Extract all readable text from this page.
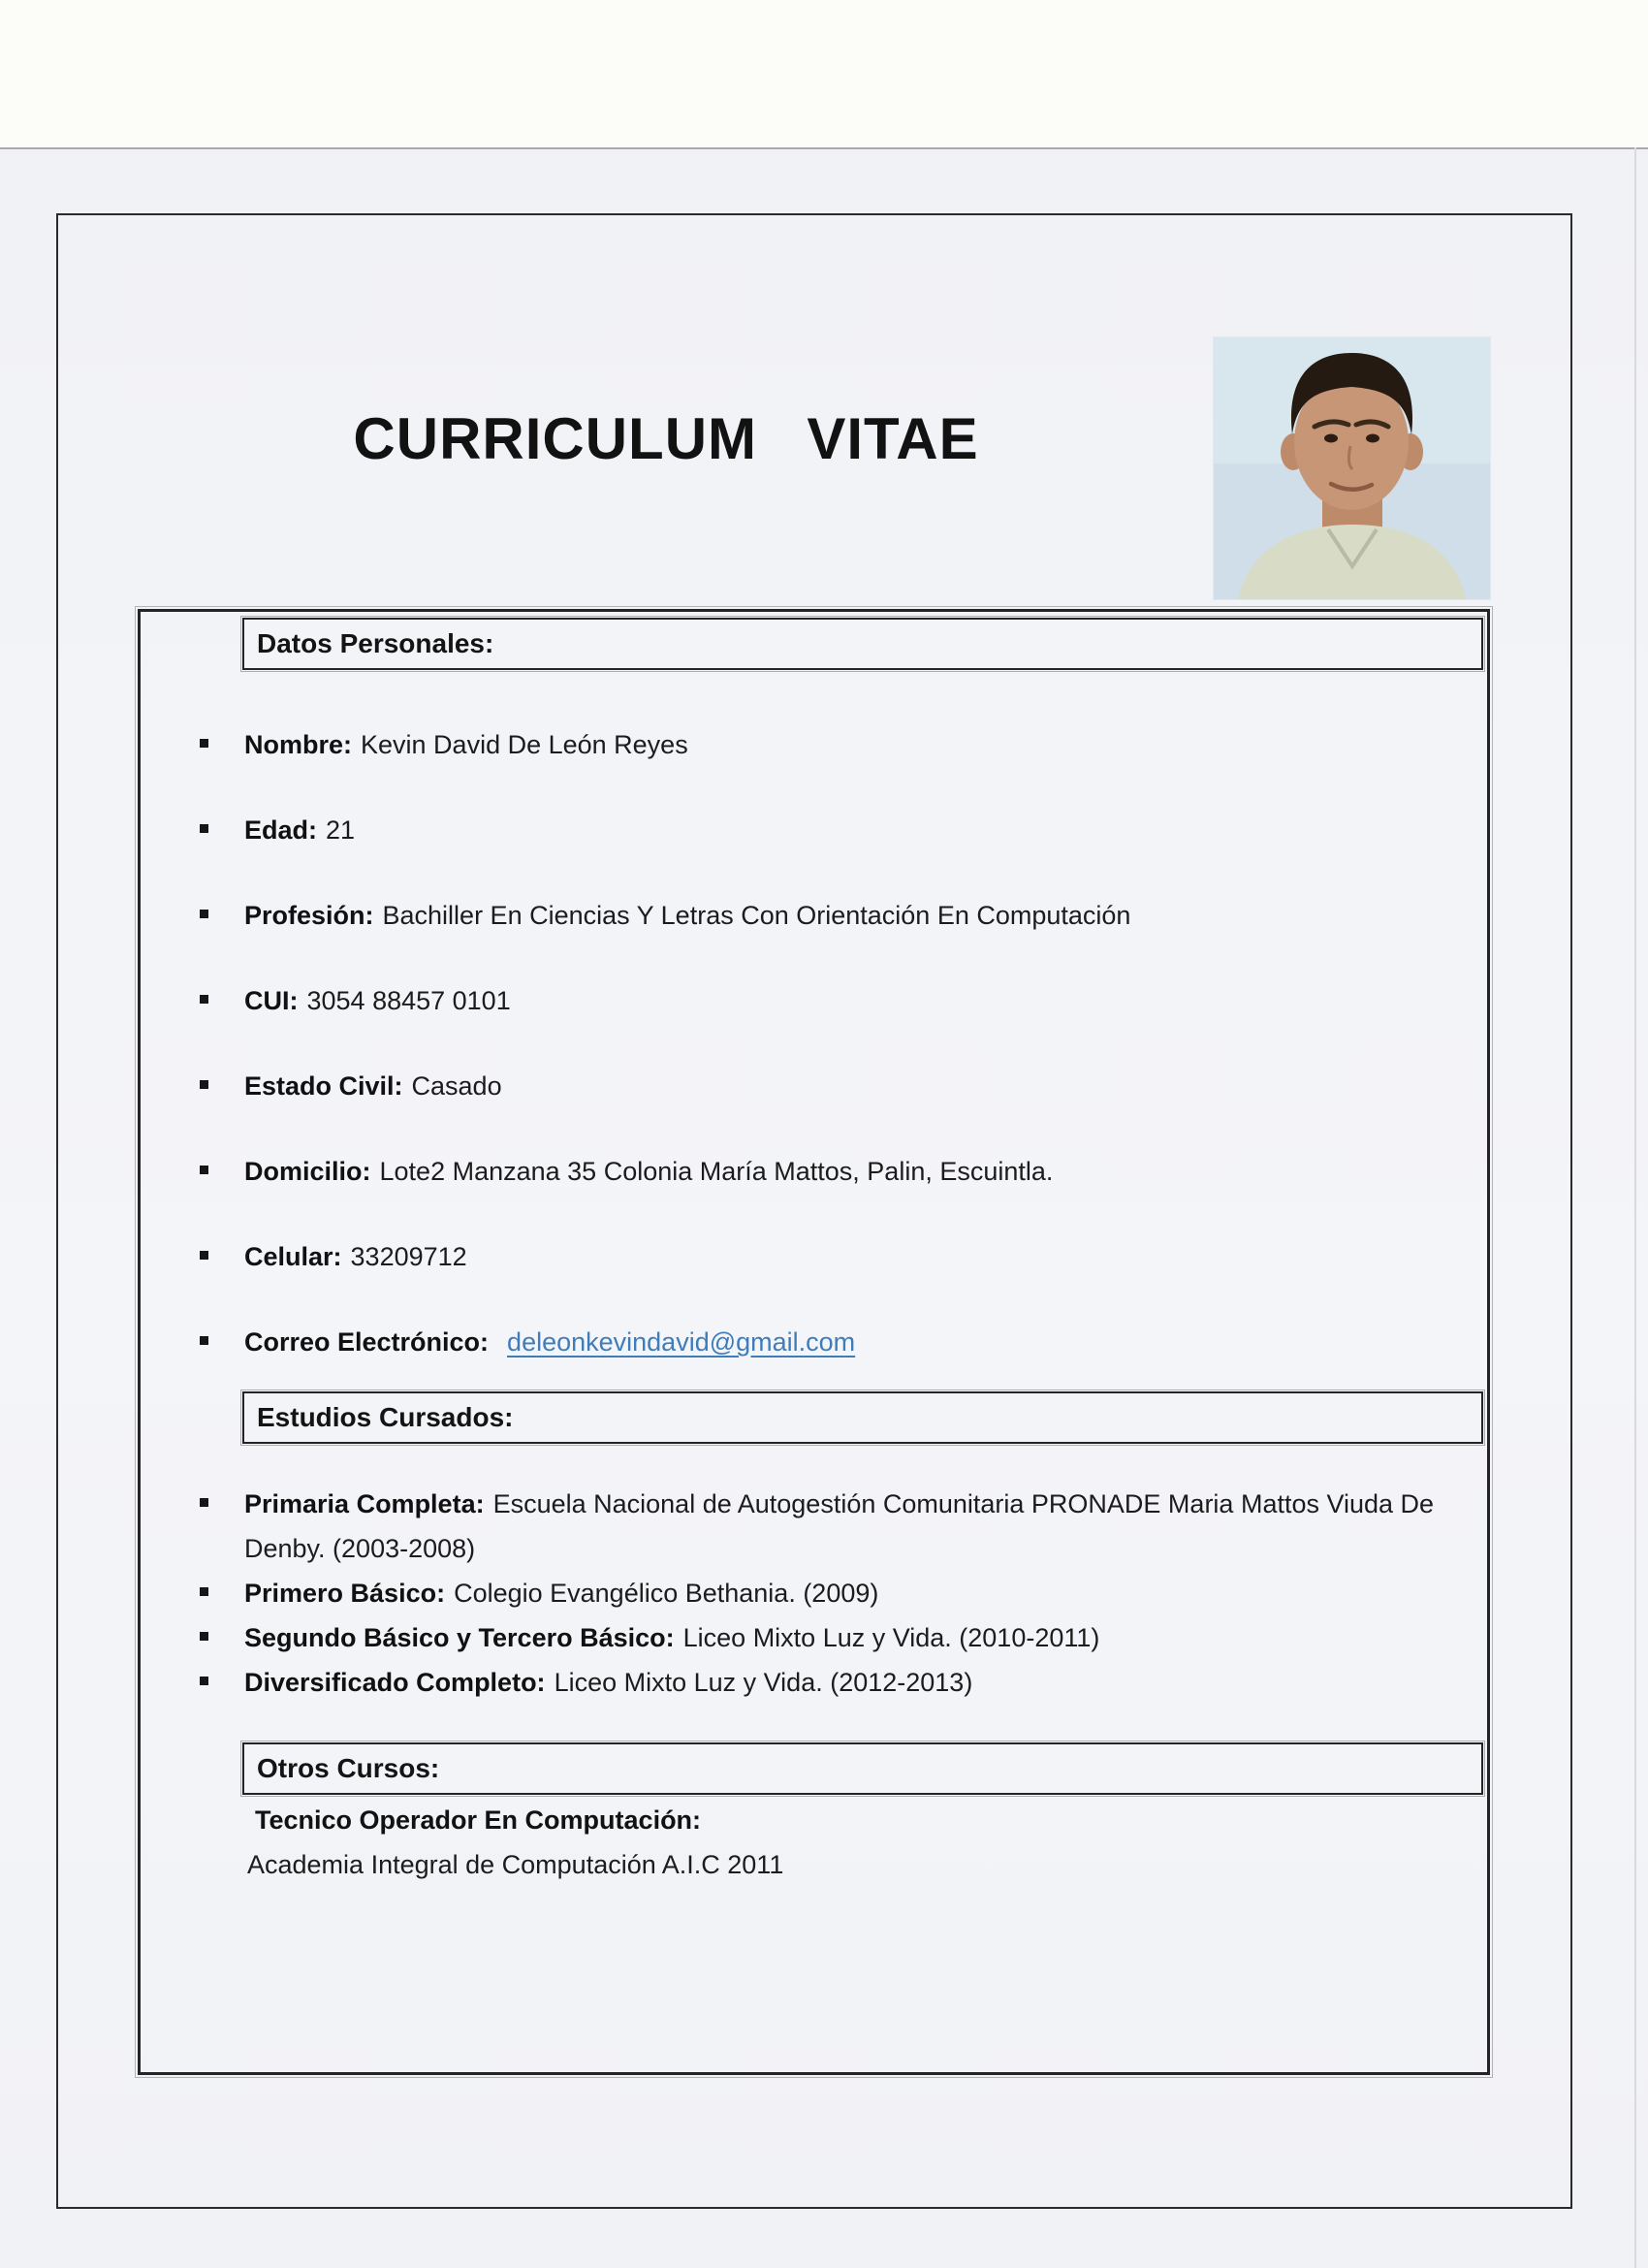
CURRICULUM  VITAE
Datos Personales:
Nombre: Kevin David De León Reyes
Edad: 21
Profesión: Bachiller En Ciencias Y Letras Con Orientación En Computación
CUI: 3054 88457 0101
Estado Civil: Casado
Domicilio: Lote2 Manzana 35 Colonia María Mattos, Palin, Escuintla.
Celular: 33209712
Correo Electrónico: deleonkevindavid@gmail.com
Estudios Cursados:
Primaria Completa: Escuela Nacional de Autogestión Comunitaria PRONADE Maria Mattos Viuda De Denby. (2003-2008)
Primero Básico: Colegio Evangélico Bethania. (2009)
Segundo Básico y Tercero Básico: Liceo Mixto Luz y Vida. (2010-2011)
Diversificado Completo: Liceo Mixto Luz y Vida. (2012-2013)
Otros Cursos:
Tecnico Operador En Computación:
Academia Integral de Computación A.I.C 2011
